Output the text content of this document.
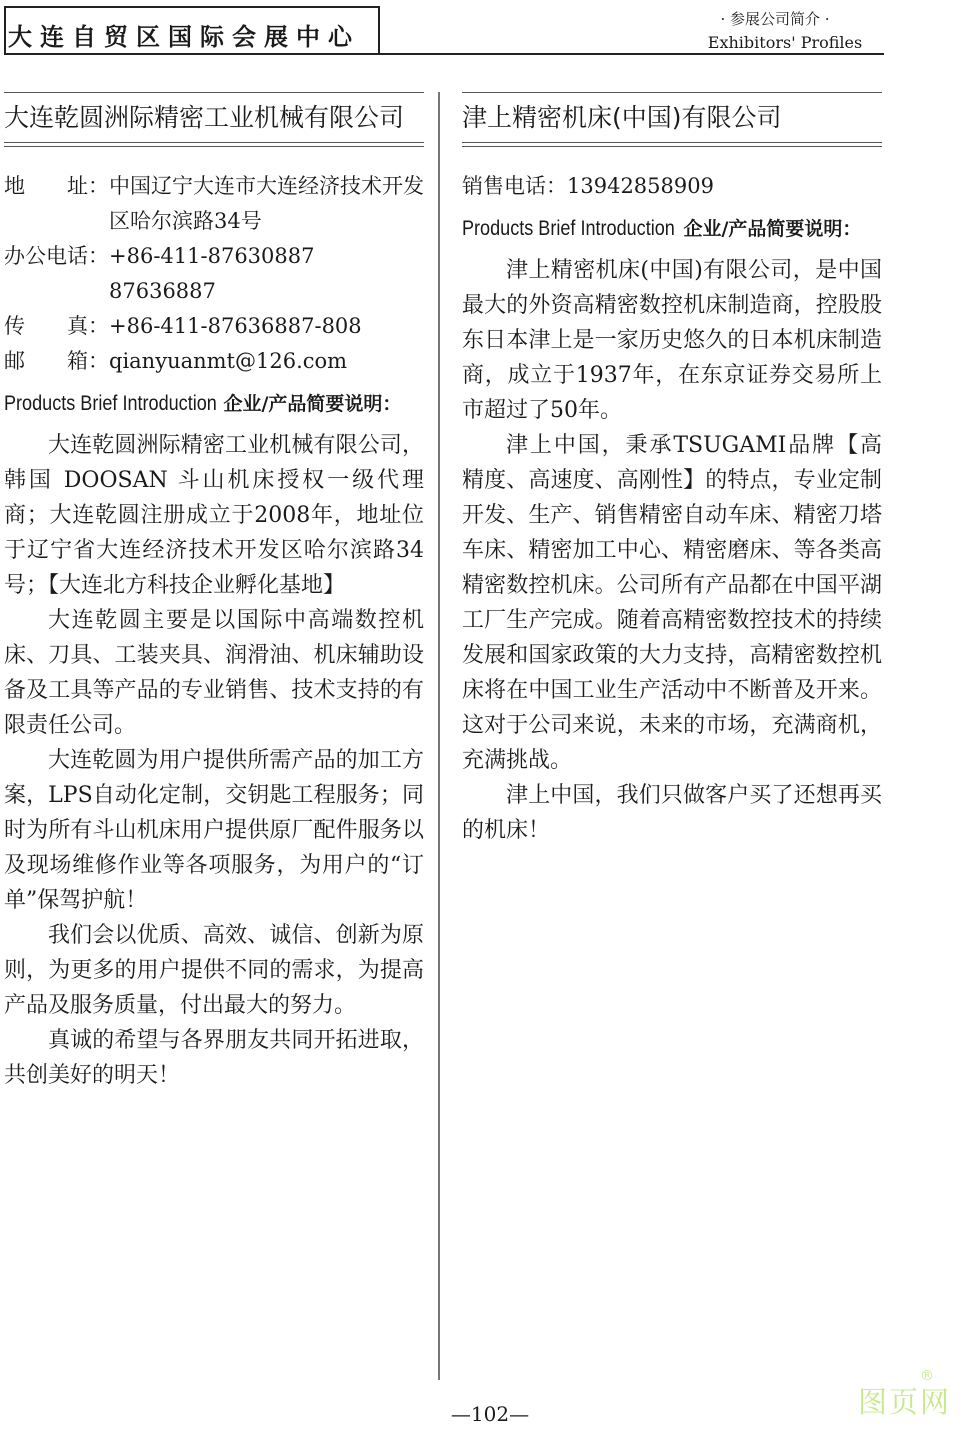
大连自贸区国际会展中心
· 参展公司简介 ·
Exhibitors' Profiles
大连乾圆洲际精密工业机械有限公司
地　　址： 中国辽宁大连市大连经济技术开发区哈尔滨路34号
办公电话： +86-411-87630887　87636887
传　　真： +86-411-87636887-808
邮　　箱： qianyuanmt@126.com
Products Brief Introduction 企业/产品简要说明：

大连乾圆洲际精密工业机械有限公司，韩国 DOOSAN 斗山机床授权一级代理商；大连乾圆注册成立于2008年，地址位于辽宁省大连经济技术开发区哈尔滨路34号；【大连北方科技企业孵化基地】

大连乾圆主要是以国际中高端数控机床、刀具、工装夹具、润滑油、机床辅助设备及工具等产品的专业销售、技术支持的有限责任公司。

大连乾圆为用户提供所需产品的加工方案，LPS自动化定制，交钥匙工程服务；同时为所有斗山机床用户提供原厂配件服务以及现场维修作业等各项服务，为用户的“订单”保驾护航！

我们会以优质、高效、诚信、创新为原则，为更多的用户提供不同的需求，为提高产品及服务质量，付出最大的努力。

真诚的希望与各界朋友共同开拓进取，共创美好的明天！

津上精密机床(中国)有限公司
销售电话： 13942858909
Products Brief Introduction 企业/产品简要说明：

津上精密机床(中国)有限公司，是中国最大的外资高精密数控机床制造商，控股股东日本津上是一家历史悠久的日本机床制造商，成立于1937年，在东京证券交易所上市超过了50年。

津上中国，秉承TSUGAMI品牌【高精度、高速度、高刚性】的特点，专业定制开发、生产、销售精密自动车床、精密刀塔车床、精密加工中心、精密磨床、等各类高精密数控机床。公司所有产品都在中国平湖工厂生产完成。随着高精密数控技术的持续发展和国家政策的大力支持，高精密数控机床将在中国工业生产活动中不断普及开来。这对于公司来说，未来的市场，充满商机，充满挑战。

津上中国，我们只做客户买了还想再买的机床！

—102—	图页网
®
